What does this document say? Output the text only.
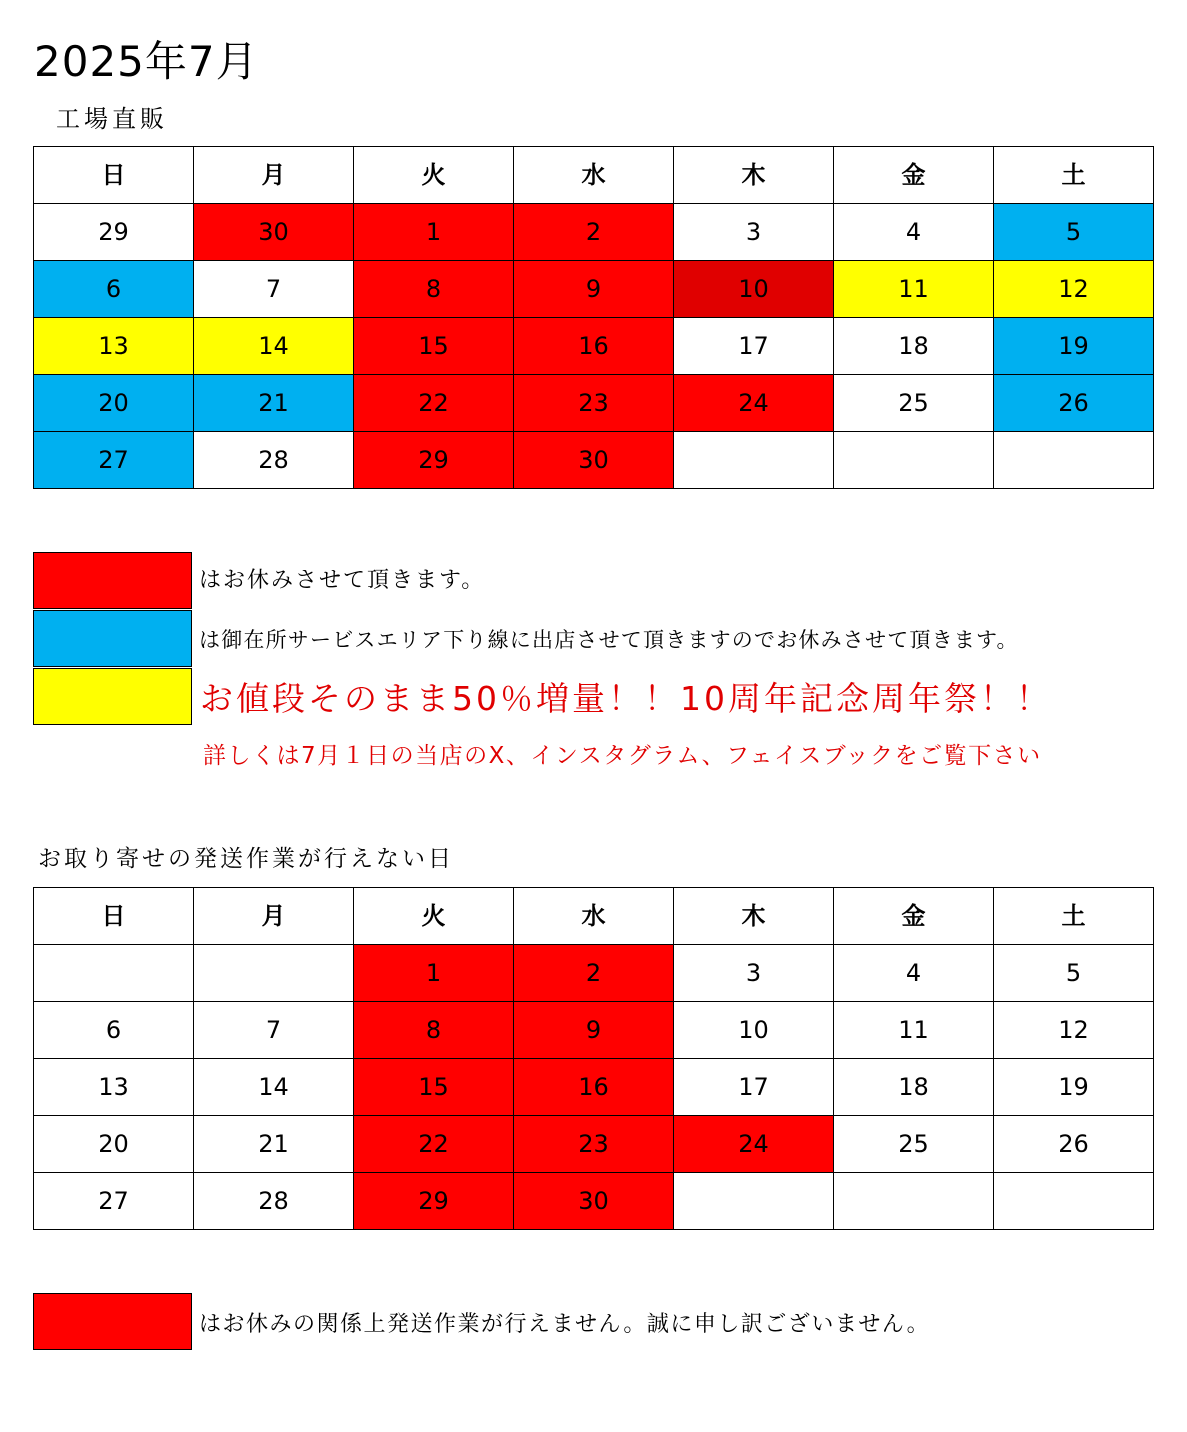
2025年7月
工場直販
日	月	火	水	木	金	土
29	30	1	2	3	4	5
6	7	8	9	10	11	12
13	14	15	16	17	18	19
20	21	22	23	24	25	26
27	28	29	30			
はお休みさせて頂きます。
は御在所サービスエリア下り線に出店させて頂きますのでお休みさせて頂きます。
お値段そのまま50％増量！！10周年記念周年祭！！
詳しくは7月１日の当店のX、インスタグラム、フェイスブックをご覧下さい
お取り寄せの発送作業が行えない日
日	月	火	水	木	金	土
		1	2	3	4	5
6	7	8	9	10	11	12
13	14	15	16	17	18	19
20	21	22	23	24	25	26
27	28	29	30			
はお休みの関係上発送作業が行えません。誠に申し訳ございません。
